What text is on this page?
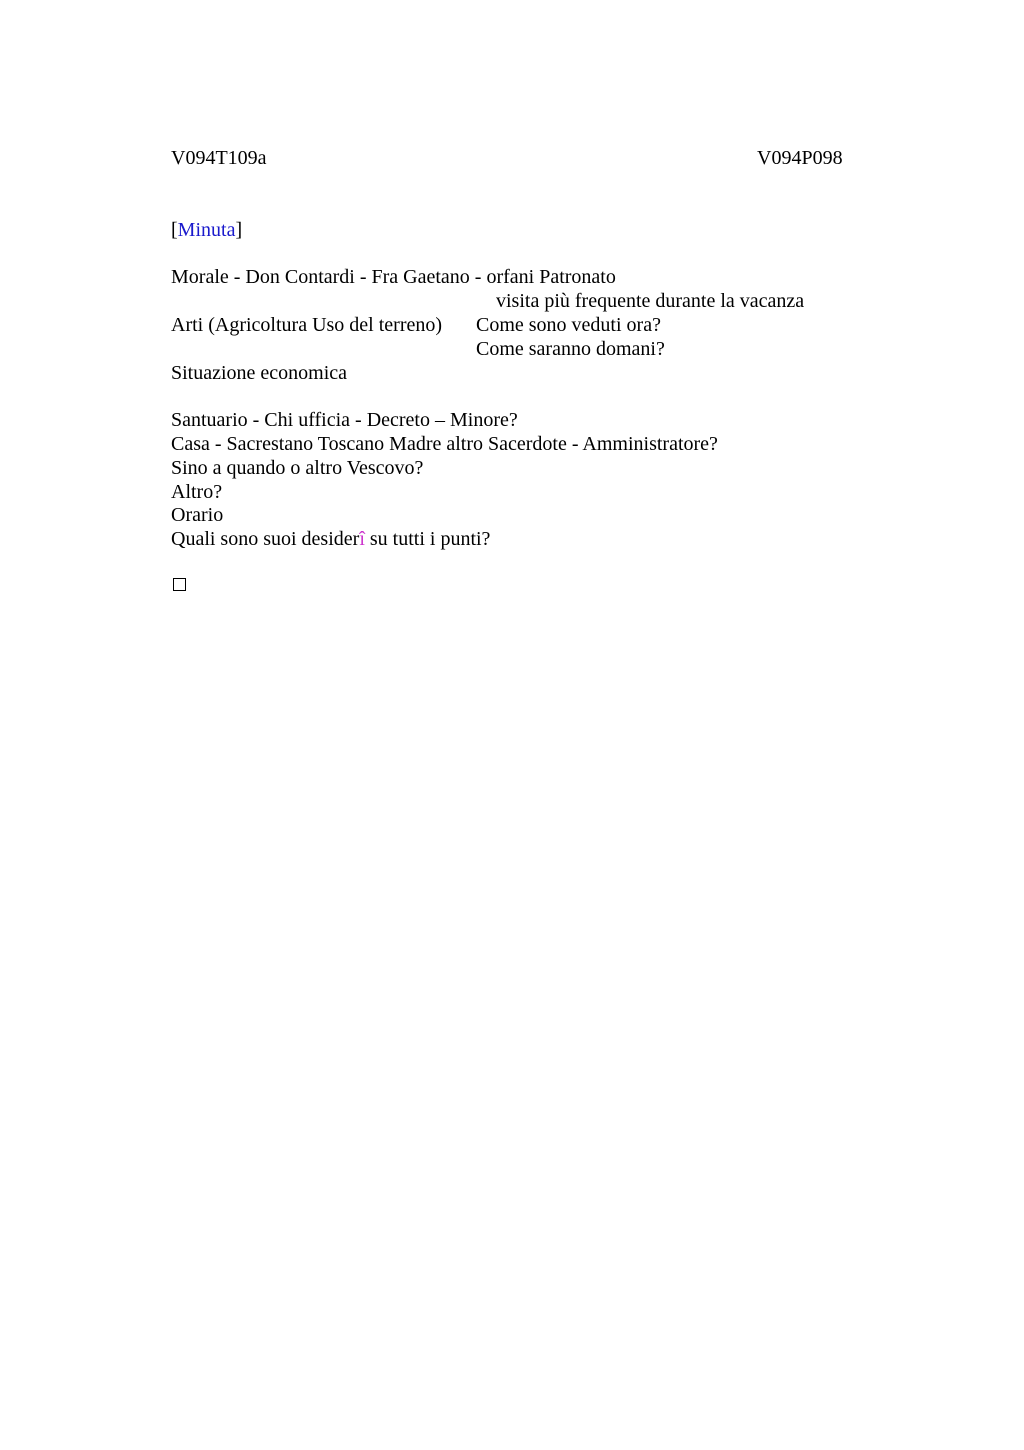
V094T109a	V094P098
[Minuta]
Morale - Don Contardi - Fra Gaetano - orfani Patronato
visita più frequente durante la vacanza
Arti (Agricoltura Uso del terreno) Come sono veduti ora?
Come saranno domani?
Situazione economica
Santuario - Chi ufficia - Decreto – Minore?
Casa - Sacrestano Toscano Madre altro Sacerdote - Amministratore?
Sino a quando o altro Vescovo?
Altro?
Orario
Quali sono suoi desiderî su tutti i punti?
